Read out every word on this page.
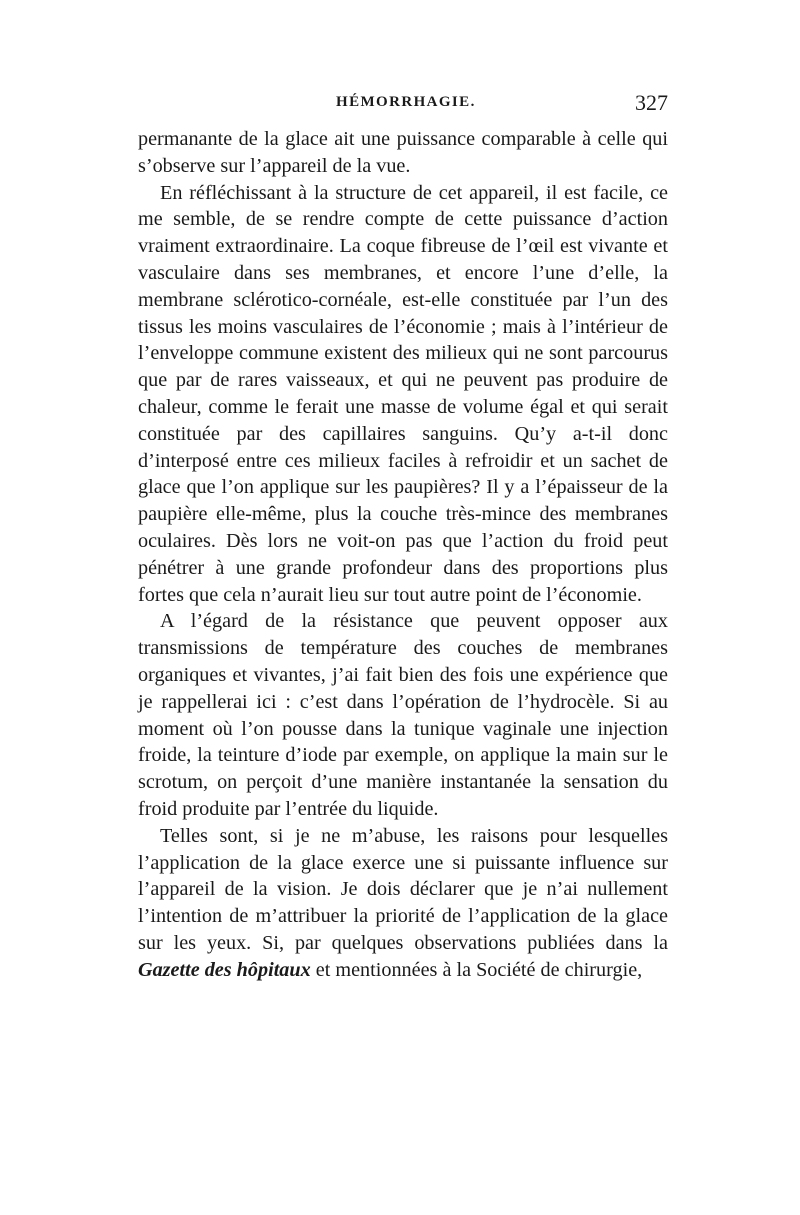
HÉMORRHAGIE.	327

permanante de la glace ait une puissance comparable à celle qui s’observe sur l’appareil de la vue.

En réfléchissant à la structure de cet appareil, il est facile, ce me semble, de se rendre compte de cette puissance d’action vraiment extraordinaire. La coque fibreuse de l’œil est vivante et vasculaire dans ses membranes, et encore l’une d’elle, la membrane sclérotico-cornéale, est-elle constituée par l’un des tissus les moins vasculaires de l’économie ; mais à l’intérieur de l’enveloppe commune existent des milieux qui ne sont parcourus que par de rares vaisseaux, et qui ne peuvent pas produire de chaleur, comme le ferait une masse de volume égal et qui serait constituée par des capillaires sanguins. Qu’y a-t-il donc d’interposé entre ces milieux faciles à refroidir et un sachet de glace que l’on applique sur les paupières? Il y a l’épaisseur de la paupière elle-même, plus la couche très-mince des membranes oculaires. Dès lors ne voit-on pas que l’action du froid peut pénétrer à une grande profondeur dans des proportions plus fortes que cela n’aurait lieu sur tout autre point de l’économie.

A l’égard de la résistance que peuvent opposer aux transmissions de température des couches de membranes organiques et vivantes, j’ai fait bien des fois une expérience que je rappellerai ici : c’est dans l’opération de l’hydrocèle. Si au moment où l’on pousse dans la tunique vaginale une injection froide, la teinture d’iode par exemple, on applique la main sur le scrotum, on perçoit d’une manière instantanée la sensation du froid produite par l’entrée du liquide.

Telles sont, si je ne m’abuse, les raisons pour lesquelles l’application de la glace exerce une si puissante influence sur l’appareil de la vision. Je dois déclarer que je n’ai nullement l’intention de m’attribuer la priorité de l’application de la glace sur les yeux. Si, par quelques observations publiées dans la Gazette des hôpitaux et mentionnées à la Société de chirurgie,
